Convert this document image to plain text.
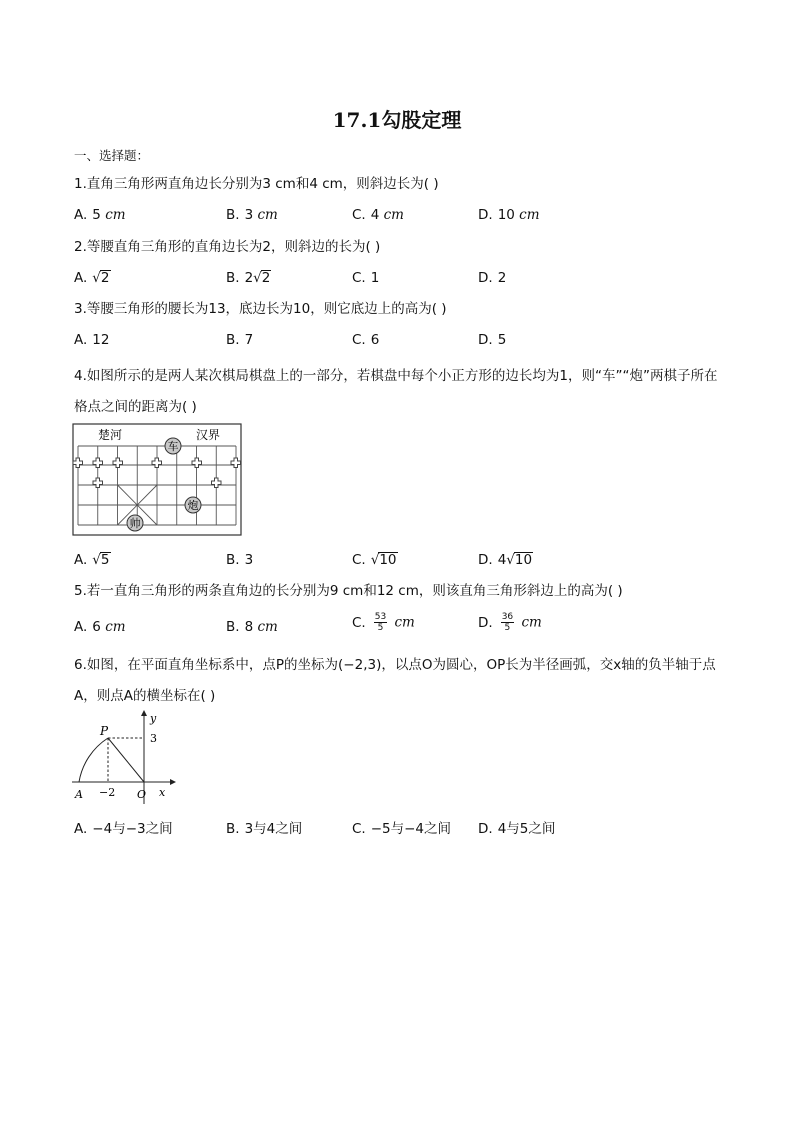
17.1勾股定理
一、选择题：
1.直角三角形两直角边长分别为3 cm和4 cm，则斜边长为( )
A. 5 cm	B. 3 cm	C. 4 cm	D. 10 cm
2.等腰直角三角形的直角边长为2，则斜边的长为( )
A. √2	B. 2√2	C. 1	D. 2
3.等腰三角形的腰长为13，底边长为10，则它底边上的高为( )
A. 12	B. 7	C. 6	D. 5
4.如图所示的是两人某次棋局棋盘上的一部分，若棋盘中每个小正方形的边长均为1，则“车”“炮”两棋子所在格点之间的距离为( )
楚河	汉界
车
炮
帅
A. √5	B. 3	C. √10	D. 4√10
5.若一直角三角形的两条直角边的长分别为9 cm和12 cm，则该直角三角形斜边上的高为( )
A. 6 cm	B. 8 cm	C. $\frac{53}{5}$ cm	D. $\frac{36}{5}$ cm
6.如图，在平面直角坐标系中，点P的坐标为(−2,3)，以点O为圆心，OP长为半径画弧，交x轴的负半轴于点A，则点A的横坐标在( )
y
x
P
3
−2
A	O
A. −4与−3之间	B. 3与4之间	C. −5与−4之间 D. 4与5之间
